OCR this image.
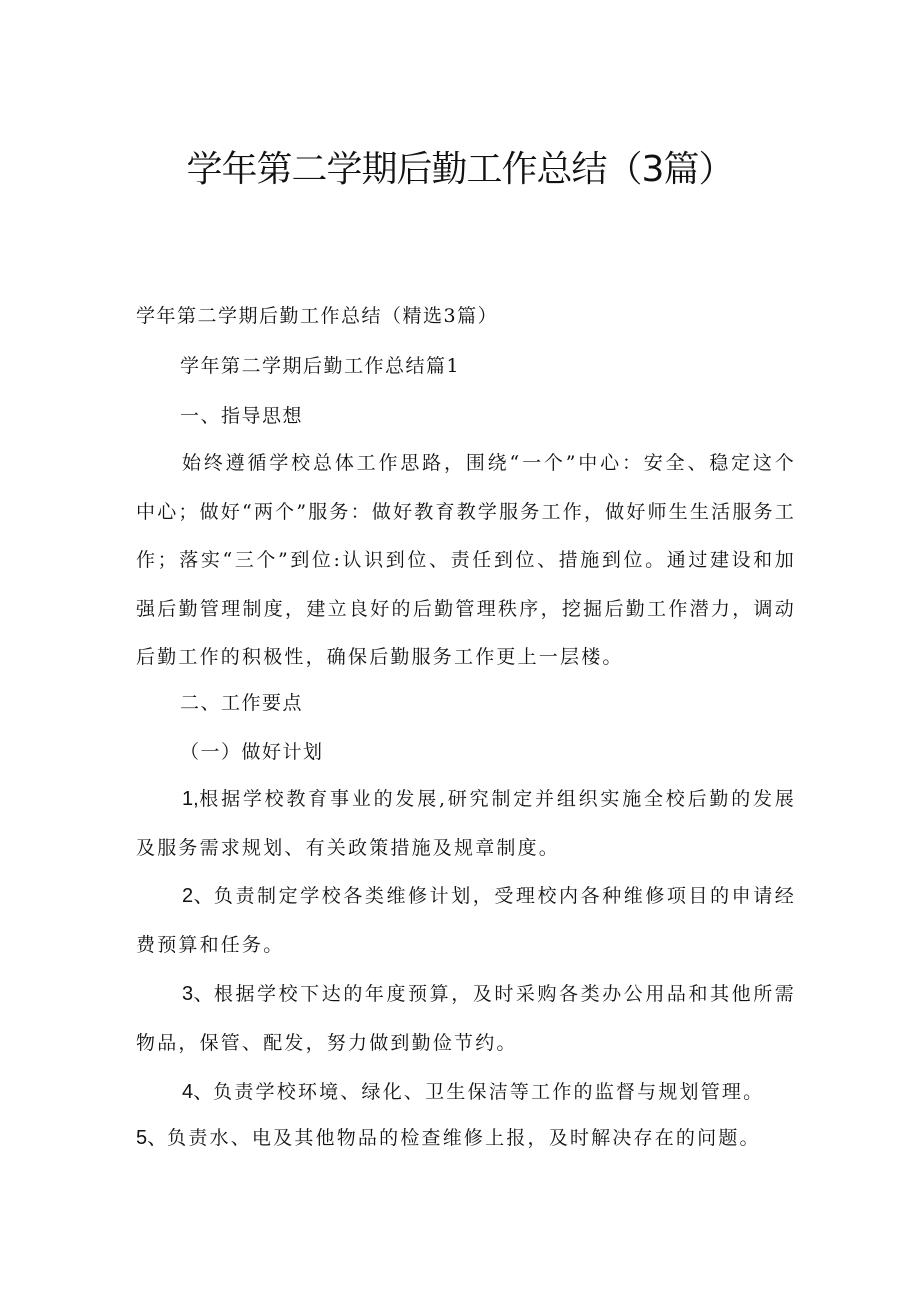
学年第二学期后勤工作总结（3篇）
学年第二学期后勤工作总结（精选3篇）
学年第二学期后勤工作总结篇1
一、指导思想

始终遵循学校总体工作思路，围绕“一个”中心：安全、稳定这个中心；做好“两个”服务：做好教育教学服务工作，做好师生生活服务工作；落实“三个”到位:认识到位、责任到位、措施到位。通过建设和加强后勤管理制度，建立良好的后勤管理秩序，挖掘后勤工作潜力，调动后勤工作的积极性，确保后勤服务工作更上一层楼。

二、工作要点
（一）做好计划

1,根据学校教育事业的发展,研究制定并组织实施全校后勤的发展及服务需求规划、有关政策措施及规章制度。

2、负责制定学校各类维修计划，受理校内各种维修项目的申请经费预算和任务。

3、根据学校下达的年度预算，及时采购各类办公用品和其他所需物品，保管、配发，努力做到勤俭节约。

4、负责学校环境、绿化、卫生保洁等工作的监督与规划管理。

5、负责水、电及其他物品的检查维修上报，及时解决存在的问题。
